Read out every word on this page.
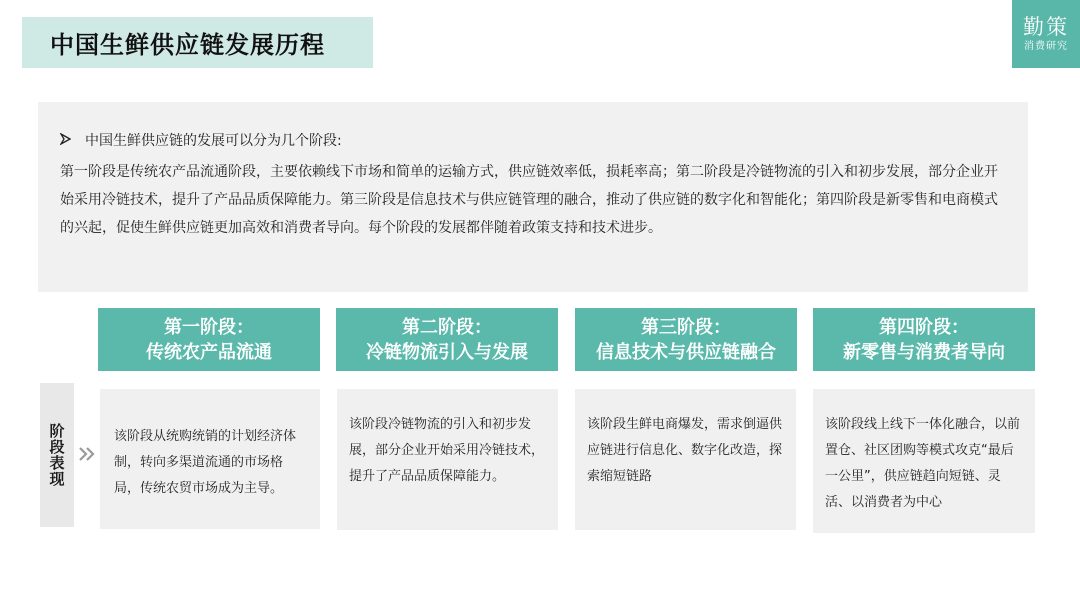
中国生鲜供应链发展历程
勤策
消费研究
中国生鲜供应链的发展可以分为几个阶段:

第一阶段是传统农产品流通阶段，主要依赖线下市场和简单的运输方式，供应链效率低，损耗率高；第二阶段是冷链物流的引入和初步发展，部分企业开始采用冷链技术，提升了产品品质保障能力。第三阶段是信息技术与供应链管理的融合，推动了供应链的数字化和智能化；第四阶段是新零售和电商模式的兴起，促使生鲜供应链更加高效和消费者导向。每个阶段的发展都伴随着政策支持和技术进步。

第一阶段：
传统农产品流通
第二阶段：
冷链物流引入与发展
第三阶段：
信息技术与供应链融合
第四阶段：
新零售与消费者导向
阶段表现	该阶段从统购统销的计划经济体制，转向多渠道流通的市场格局，传统农贸市场成为主导。

该阶段冷链物流的引入和初步发展，部分企业开始采用冷链技术，提升了产品品质保障能力。

该阶段生鲜电商爆发，需求倒逼供应链进行信息化、数字化改造，探索缩短链路

该阶段线上线下一体化融合，以前置仓、社区团购等模式攻克“最后一公里”，供应链趋向短链、灵活、以消费者为中心
